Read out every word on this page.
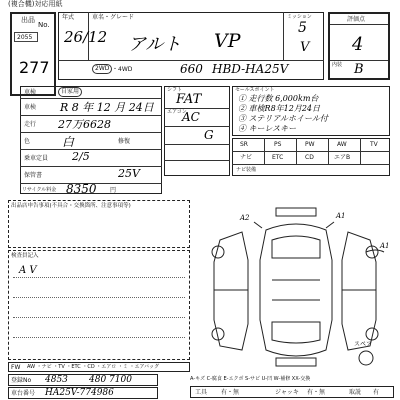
(複合機)対応用紙
出品
No.
2055
277
年式	車名・グレード	ミッション
26/12 アルト VP
5
V
2WD ・4WD	660 HBD-HA25V
評価点
4
内装 B
車検	自家用
車検 R 8 年 12 月 24日
走行 27万6628
色	白	修復
乗車定員 2/5
保管書	25V
リサイクル料金 8350 円
シフト
FAT
エアコン
AC
G
セールスポイント
① 走行数 6,000km台
② 車検R8年12月24日
③ ステリアルホイール付
④ キーレスキー
SR	PS	PW	AW	TV
ナビ	ETC	CD	エアB
ナビ装備
出品店申告事項(不具合・交換箇所、注意事項等)
検査員記入
A V
A2	A1
A1
スペア
FW AW ・ナビ ・TV ・ETC ・CD ・エアロ ・ミ ・エアバッグ
登録No 4853 480 7100
車台番号 HA25V-774986
A-キズ C-腐食 E-エクボ S-サビ U-凹 W-補修 XX-交換
工具 有・無	ジャッキ 有・無	取説 有
